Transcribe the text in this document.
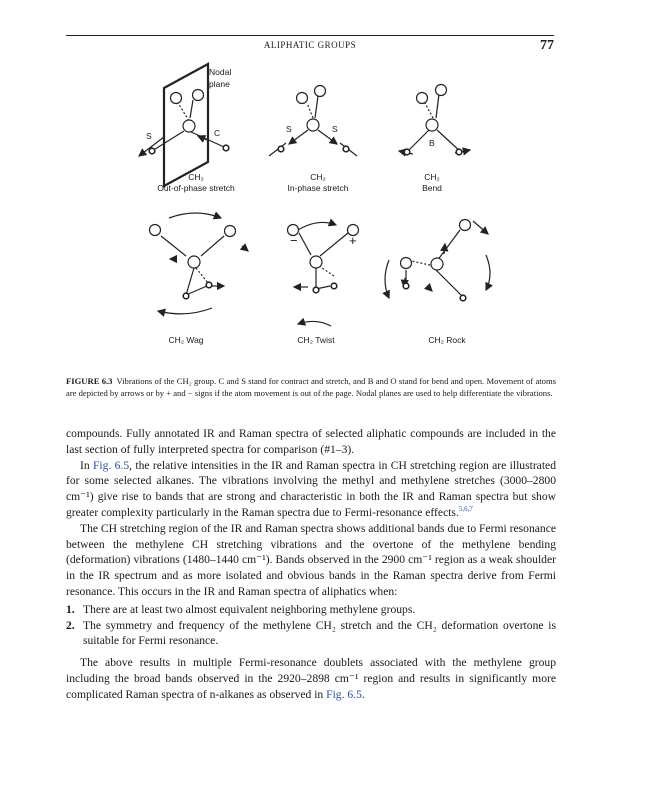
ALIPHATIC GROUPS	77
Nodal plane
S	C	S	S
B
−	+
CH₂
Out-of-phase stretch
CH₂
In-phase stretch
CH₂
Bend
CH₂ Wag	CH₂ Twist	CH₂ Rock
FIGURE 6.3 Vibrations of the CH₂ group. C and S stand for contract and stretch, and B and O stand for bend and open. Movement of atoms are depicted by arrows or by + and − signs if the atom movement is out of the page. Nodal planes are used to help differentiate the vibrations.

compounds. Fully annotated IR and Raman spectra of selected aliphatic compounds are included in the last section of fully interpreted spectra for comparison (#1–3).

In Fig. 6.5, the relative intensities in the IR and Raman spectra in CH stretching region are illustrated for some selected alkanes. The vibrations involving the methyl and methylene stretches (3000–2800 cm⁻¹) give rise to bands that are strong and characteristic in both the IR and Raman spectra but show greater complexity particularly in the Raman spectra due to Fermi-resonance effects.$^{5,6,7}$

The CH stretching region of the IR and Raman spectra shows additional bands due to Fermi resonance between the methylene CH stretching vibrations and the overtone of the methylene bending (deformation) vibrations (1480–1440 cm⁻¹). Bands observed in the 2900 cm⁻¹ region as a weak shoulder in the IR spectrum and as more isolated and obvious bands in the Raman spectra derive from Fermi resonance. This occurs in the IR and Raman spectra of aliphatics when:

1. There are at least two almost equivalent neighboring methylene groups.
2. The symmetry and frequency of the methylene CH₂ stretch and the CH₂ deformation overtone is suitable for Fermi resonance.

The above results in multiple Fermi-resonance doublets associated with the methylene group including the broad bands observed in the 2920–2898 cm⁻¹ region and results in significantly more complicated Raman spectra of n-alkanes as observed in Fig. 6.5.
